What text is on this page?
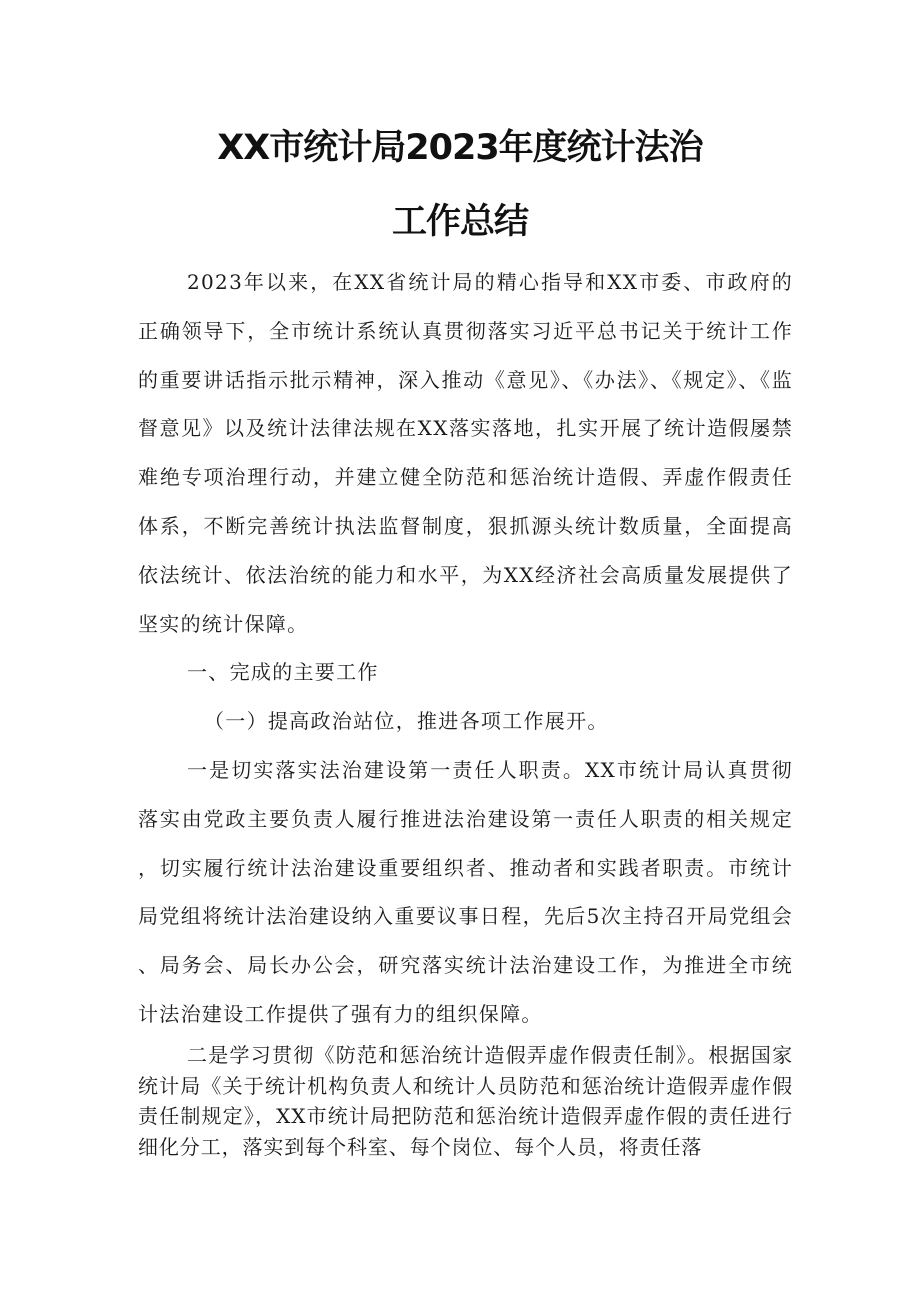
XX市统计局2023年度统计法治
工作总结

2023年以来，在XX省统计局的精心指导和XX市委、市政府的正确领导下，全市统计系统认真贯彻落实习近平总书记关于统计工作的重要讲话指示批示精神，深入推动《意见》、《办法》、《规定》、《监督意见》以及统计法律法规在XX落实落地，扎实开展了统计造假屡禁难绝专项治理行动，并建立健全防范和惩治统计造假、弄虚作假责任体系，不断完善统计执法监督制度，狠抓源头统计数质量，全面提高依法统计、依法治统的能力和水平，为XX经济社会高质量发展提供了坚实的统计保障。

一、完成的主要工作

（一）提高政治站位，推进各项工作展开。

一是切实落实法治建设第一责任人职责。XX市统计局认真贯彻落实由党政主要负责人履行推进法治建设第一责任人职责的相关规定，切实履行统计法治建设重要组织者、推动者和实践者职责。市统计局党组将统计法治建设纳入重要议事日程，先后5次主持召开局党组会、局务会、局长办公会，研究落实统计法治建设工作，为推进全市统计法治建设工作提供了强有力的组织保障。

二是学习贯彻《防范和惩治统计造假弄虚作假责任制》。根据国家统计局《关于统计机构负责人和统计人员防范和惩治统计造假弄虚作假责任制规定》，XX市统计局把防范和惩治统计造假弄虚作假的责任进行细化分工，落实到每个科室、每个岗位、每个人员，将责任落
